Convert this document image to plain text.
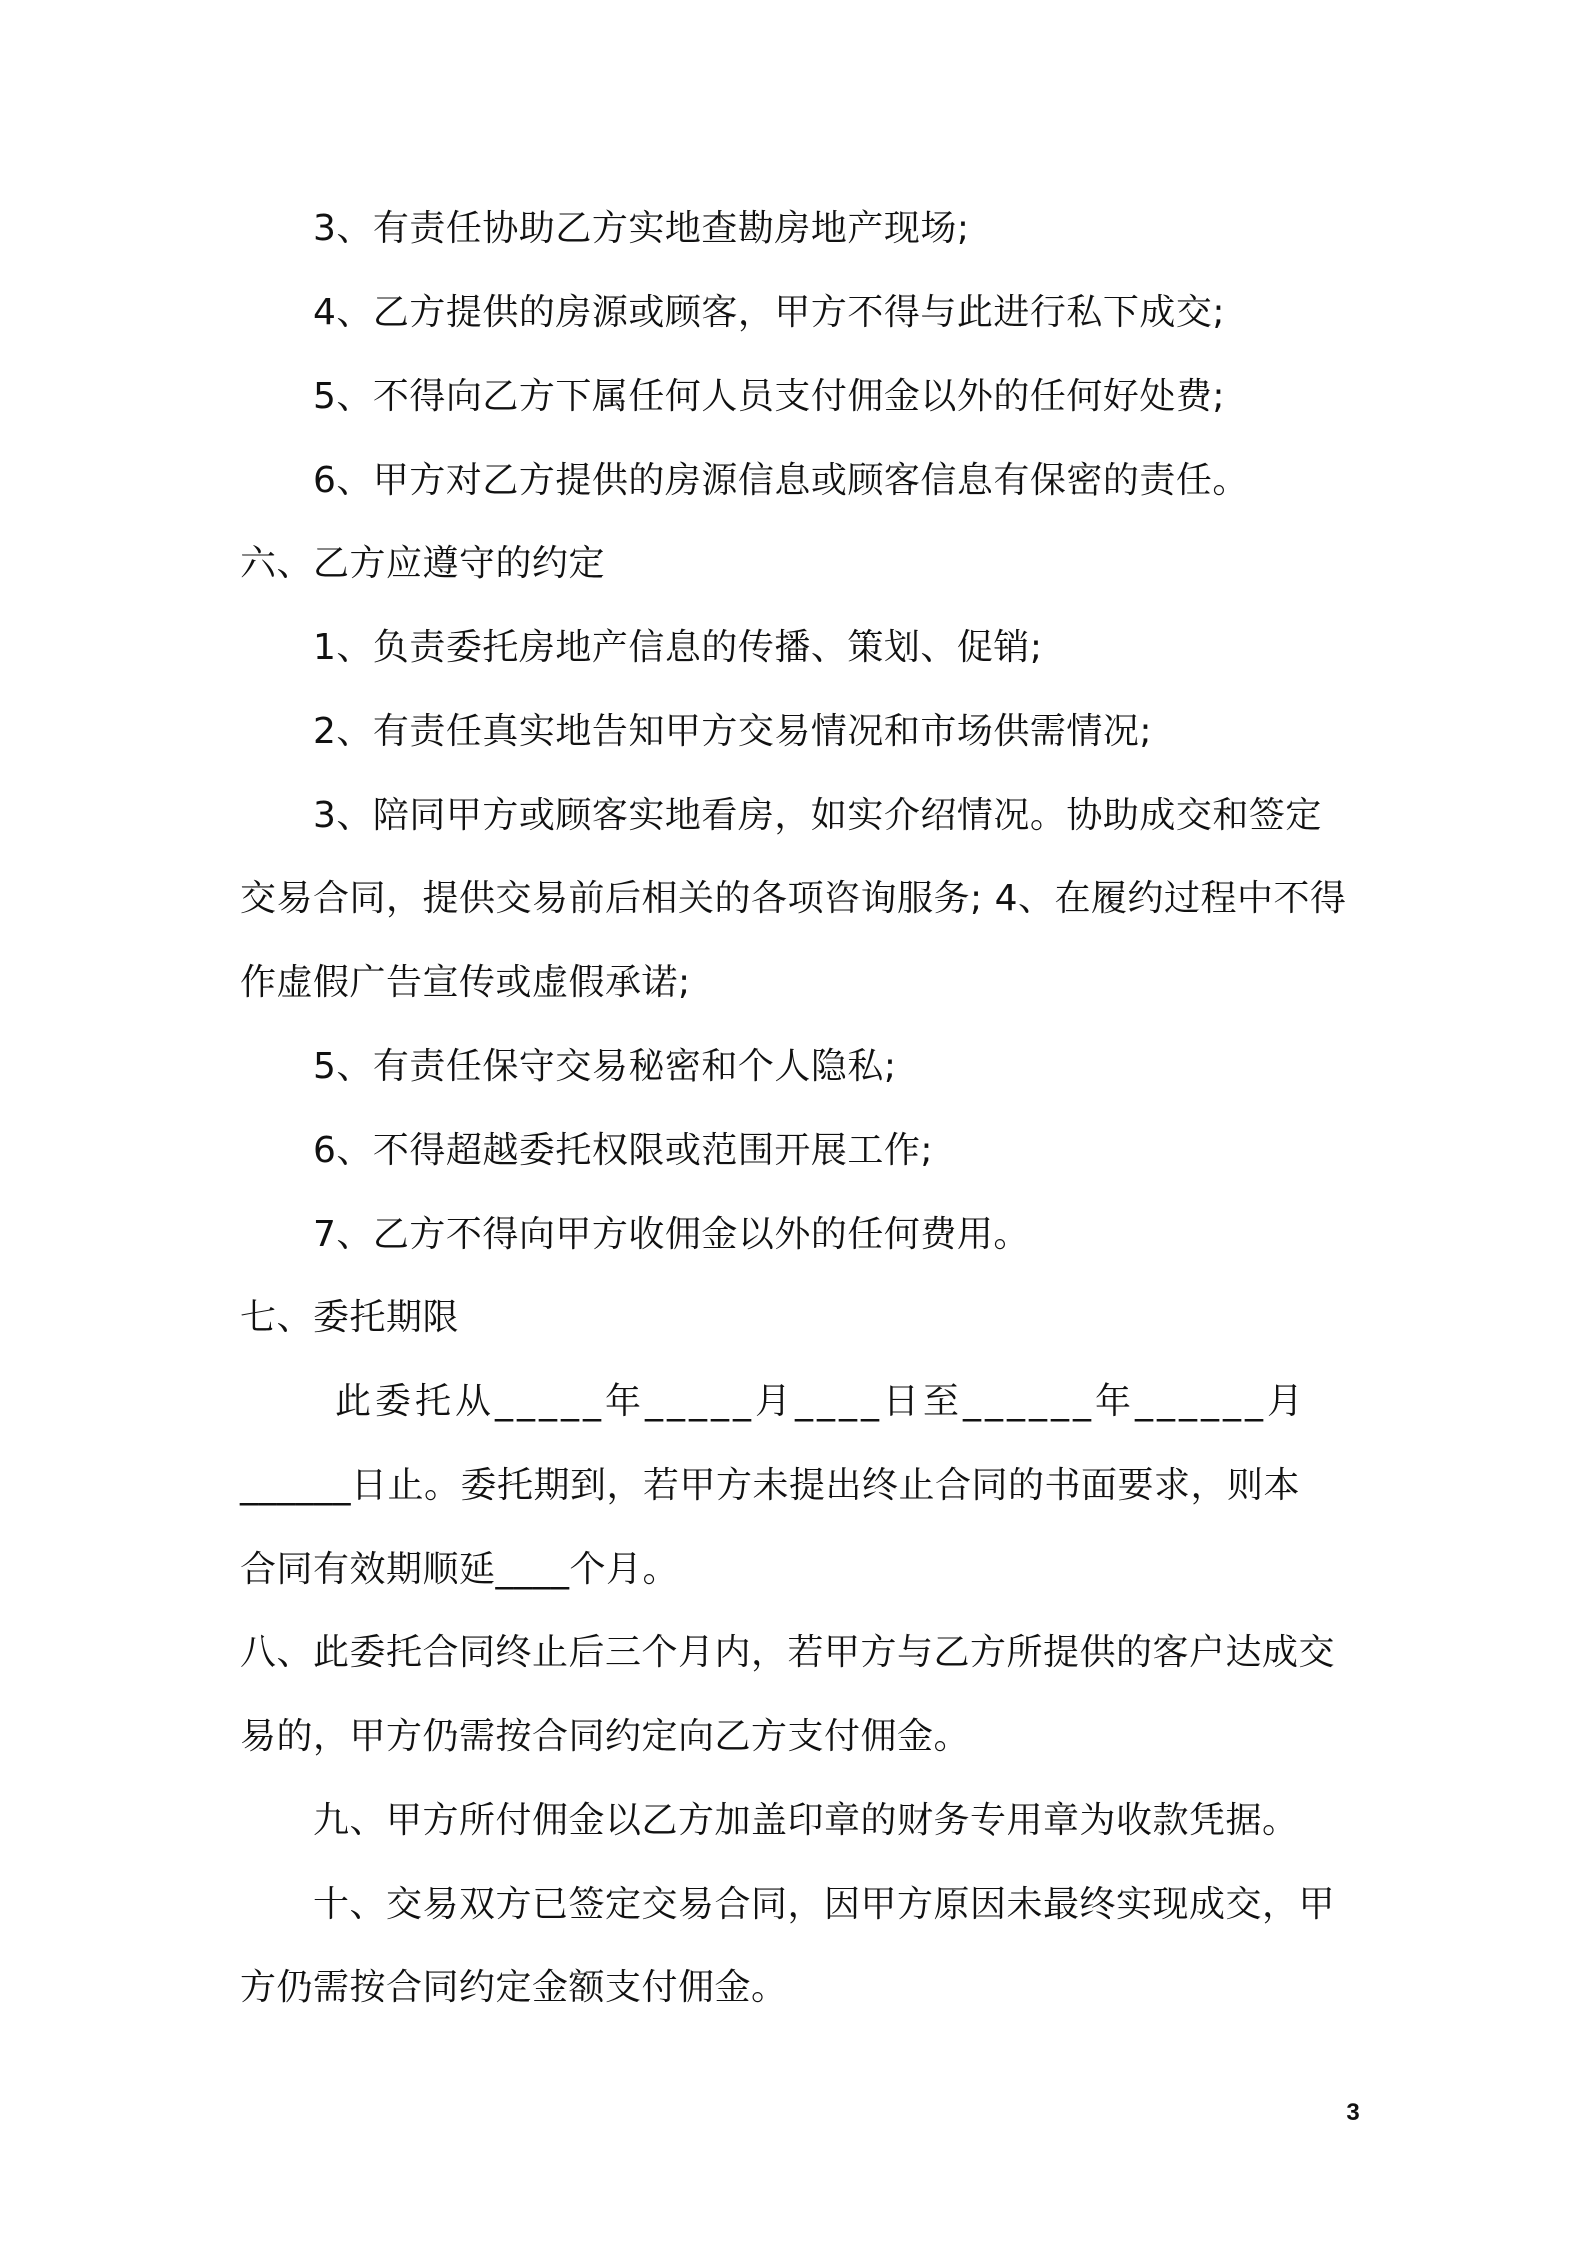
3、有责任协助乙方实地查勘房地产现场;
4、乙方提供的房源或顾客，甲方不得与此进行私下成交;
5、不得向乙方下属任何人员支付佣金以外的任何好处费;
6、甲方对乙方提供的房源信息或顾客信息有保密的责任。
六、乙方应遵守的约定
1、负责委托房地产信息的传播、策划、促销;
2、有责任真实地告知甲方交易情况和市场供需情况;
3、陪同甲方或顾客实地看房，如实介绍情况。协助成交和签定
交易合同，提供交易前后相关的各项咨询服务; 4、在履约过程中不得
作虚假广告宣传或虚假承诺;
5、有责任保守交易秘密和个人隐私;
6、不得超越委托权限或范围开展工作;
7、乙方不得向甲方收佣金以外的任何费用。
七、委托期限
此委托从_____年_____月____日至______年______月
______日止。委托期到，若甲方未提出终止合同的书面要求，则本
合同有效期顺延____个月。
八、此委托合同终止后三个月内，若甲方与乙方所提供的客户达成交
易的，甲方仍需按合同约定向乙方支付佣金。
九、甲方所付佣金以乙方加盖印章的财务专用章为收款凭据。
十、交易双方已签定交易合同，因甲方原因未最终实现成交，甲
方仍需按合同约定金额支付佣金。
3
